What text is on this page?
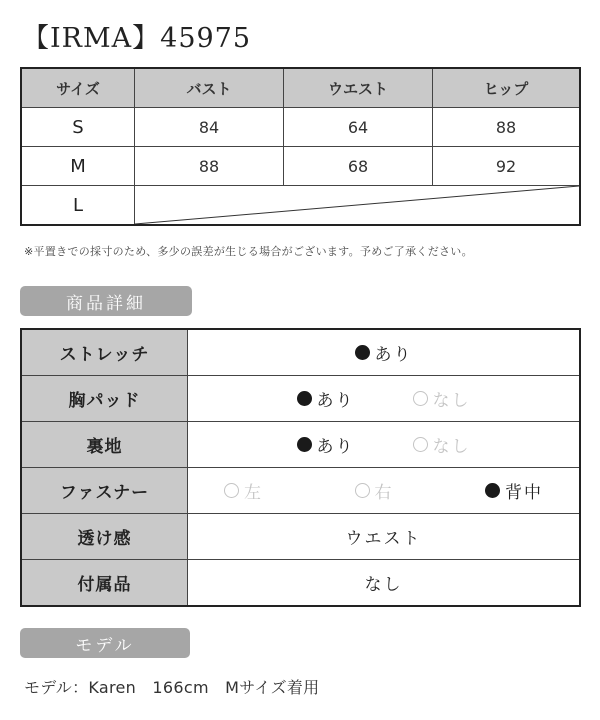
【IRMA】45975
サイズ	バスト	ウエスト	ヒップ
S	84	64	88
M	88	68	92
L	
※平置きでの採寸のため、多少の誤差が生じる場合がございます。予めご了承ください。
商品詳細
ストレッチ	あり

胸パッド	あり なし

裏地	あり なし

ファスナー	左 右 背中

透け感	ウエスト
付属品	なし
モデル
モデル：Karen　166cm　Mサイズ着用
